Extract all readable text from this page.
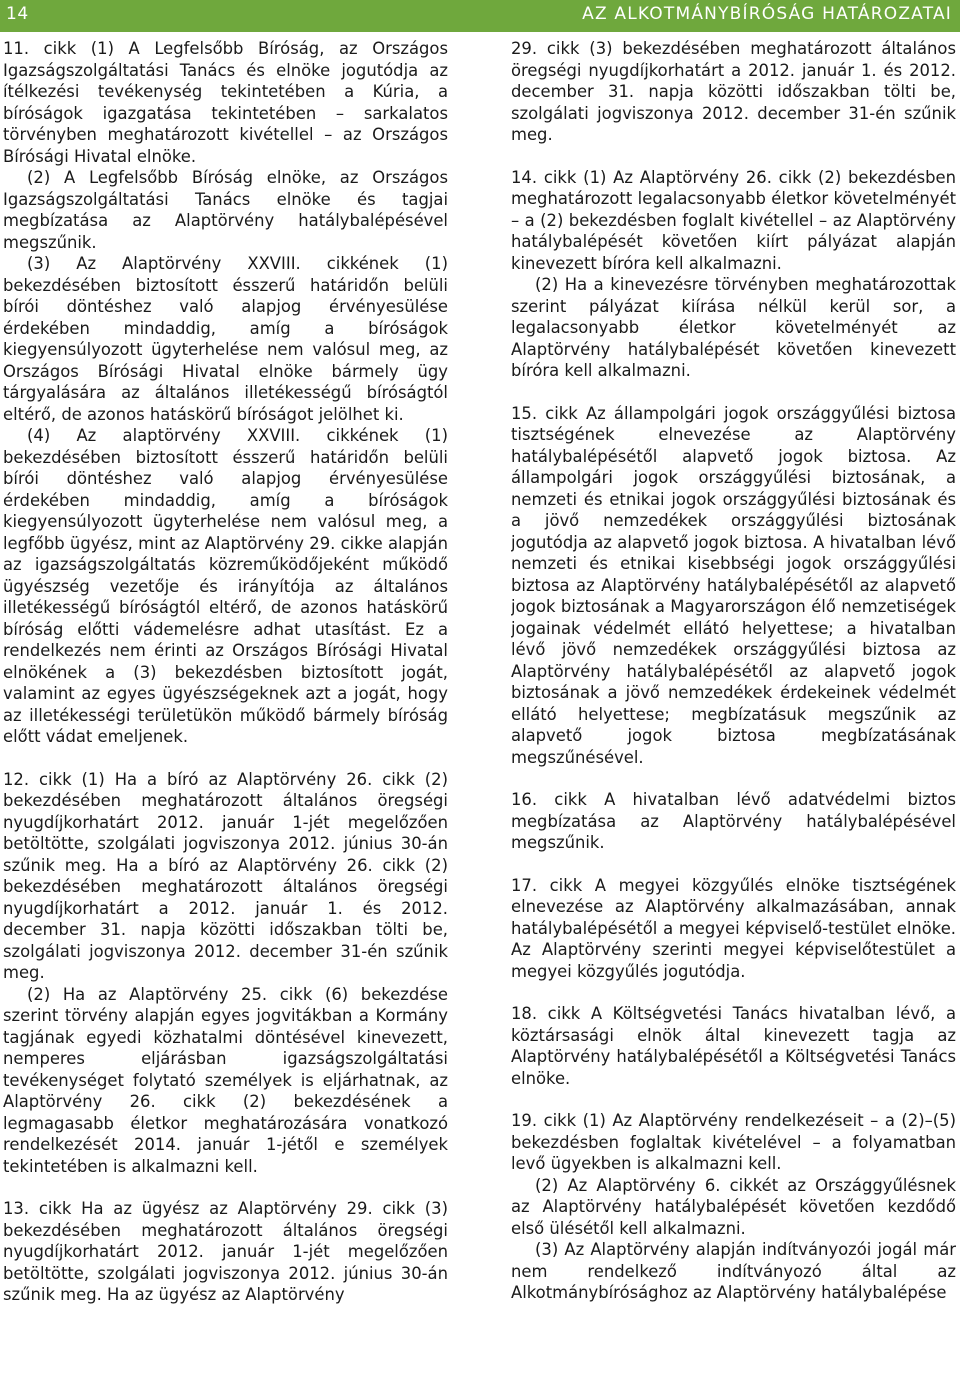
14	AZ ALKOTMÁNYBÍRÓSÁG HATÁROZATAI

11. cikk (1) A Legfelsőbb Bíróság, az Országos Igazságszolgáltatási Tanács és elnöke jogutódja az ítélkezési tevékenység tekintetében a Kúria, a bíróságok igazgatása tekintetében – sarkalatos törvényben meghatározott kivétellel – az Országos Bírósági Hivatal elnöke.

(2) A Legfelsőbb Bíróság elnöke, az Országos Igazságszolgáltatási Tanács elnöke és tagjai megbízatása az Alaptörvény hatálybalépésével megszűnik.

(3) Az Alaptörvény XXVIII. cikkének (1) bekezdésében biztosított ésszerű határidőn belüli bírói döntéshez való alapjog érvényesülése érdekében mindaddig, amíg a bíróságok kiegyensúlyozott ügyterhelése nem valósul meg, az Országos Bírósági Hivatal elnöke bármely ügy tárgyalására az általános illetékességű bíróságtól eltérő, de azonos hatáskörű bíróságot jelölhet ki.

(4) Az alaptörvény XXVIII. cikkének (1) bekezdésében biztosított ésszerű határidőn belüli bírói döntéshez való alapjog érvényesülése érdekében mindaddig, amíg a bíróságok kiegyensúlyozott ügyterhelése nem valósul meg, a legfőbb ügyész, mint az Alaptörvény 29. cikke alapján az igazságszolgáltatás közreműködőjeként működő ügyészség vezetője és irányítója az általános illetékességű bíróságtól eltérő, de azonos hatáskörű bíróság előtti vádemelésre adhat utasítást. Ez a rendelkezés nem érinti az Országos Bírósági Hivatal elnökének a (3) bekezdésben biztosított jogát, valamint az egyes ügyészségeknek azt a jogát, hogy az illetékességi területükön működő bármely bíróság előtt vádat emeljenek.

12. cikk (1) Ha a bíró az Alaptörvény 26. cikk (2) bekezdésében meghatározott általános öregségi nyugdíjkorhatárt 2012. január 1-jét megelőzően betöltötte, szolgálati jogviszonya 2012. június 30-án szűnik meg. Ha a bíró az Alaptörvény 26. cikk (2) bekezdésében meghatározott általános öregségi nyugdíjkorhatárt a 2012. január 1. és 2012. december 31. napja közötti időszakban tölti be, szolgálati jogviszonya 2012. december 31-én szűnik meg.

(2) Ha az Alaptörvény 25. cikk (6) bekezdése szerint törvény alapján egyes jogvitákban a Kormány tagjának egyedi közhatalmi döntésével kinevezett, nemperes eljárásban igazságszolgáltatási tevékenységet folytató személyek is eljárhatnak, az Alaptörvény 26. cikk (2) bekezdésének a legmagasabb életkor meghatározására vonatkozó rendelkezését 2014. január 1-jétől e személyek tekintetében is alkalmazni kell.

13. cikk Ha az ügyész az Alaptörvény 29. cikk (3) bekezdésében meghatározott általános öregségi nyugdíjkorhatárt 2012. január 1-jét megelőzően betöltötte, szolgálati jogviszonya 2012. június 30-án szűnik meg. Ha az ügyész az Alaptörvény

29. cikk (3) bekezdésében meghatározott általános öregségi nyugdíjkorhatárt a 2012. január 1. és 2012. december 31. napja közötti időszakban tölti be, szolgálati jogviszonya 2012. december 31-én szűnik meg.

14. cikk (1) Az Alaptörvény 26. cikk (2) bekezdésben meghatározott legalacsonyabb életkor követelményét – a (2) bekezdésben foglalt kivétellel – az Alaptörvény hatálybalépését követően kiírt pályázat alapján kinevezett bíróra kell alkalmazni.

(2) Ha a kinevezésre törvényben meghatározottak szerint pályázat kiírása nélkül kerül sor, a legalacsonyabb életkor követelményét az Alaptörvény hatálybalépését követően kinevezett bíróra kell alkalmazni.

15. cikk Az állampolgári jogok országgyűlési biztosa tisztségének elnevezése az Alaptörvény hatálybalépésétől alapvető jogok biztosa. Az állampolgári jogok országgyűlési biztosának, a nemzeti és etnikai jogok országgyűlési biztosának és a jövő nemzedékek országgyűlési biztosának jogutódja az alapvető jogok biztosa. A hivatalban lévő nemzeti és etnikai kisebbségi jogok országgyűlési biztosa az Alaptörvény hatálybalépésétől az alapvető jogok biztosának a Magyarországon élő nemzetiségek jogainak védelmét ellátó helyettese; a hivatalban lévő jövő nemzedékek országgyűlési biztosa az Alaptörvény hatálybalépésétől az alapvető jogok biztosának a jövő nemzedékek érdekeinek védelmét ellátó helyettese; megbízatásuk megszűnik az alapvető jogok biztosa megbízatásának megszűnésével.

16. cikk A hivatalban lévő adatvédelmi biztos megbízatása az Alaptörvény hatálybalépésével megszűnik.

17. cikk A megyei közgyűlés elnöke tisztségének elnevezése az Alaptörvény alkalmazásában, annak hatálybalépésétől a megyei képviselő-testület elnöke. Az Alaptörvény szerinti megyei képviselőtestület a megyei közgyűlés jogutódja.

18. cikk A Költségvetési Tanács hivatalban lévő, a köztársasági elnök által kinevezett tagja az Alaptörvény hatálybalépésétől a Költségvetési Tanács elnöke.

19. cikk (1) Az Alaptörvény rendelkezéseit – a (2)–(5) bekezdésben foglaltak kivételével – a folyamatban levő ügyekben is alkalmazni kell.

(2) Az Alaptörvény 6. cikkét az Országgyűlésnek az Alaptörvény hatálybalépését követően kezdődő első ülésétől kell alkalmazni.

(3) Az Alaptörvény alapján indítványozói jogál már nem rendelkező indítványozó által az Alkotmánybírósághoz az Alaptörvény hatálybalépése
